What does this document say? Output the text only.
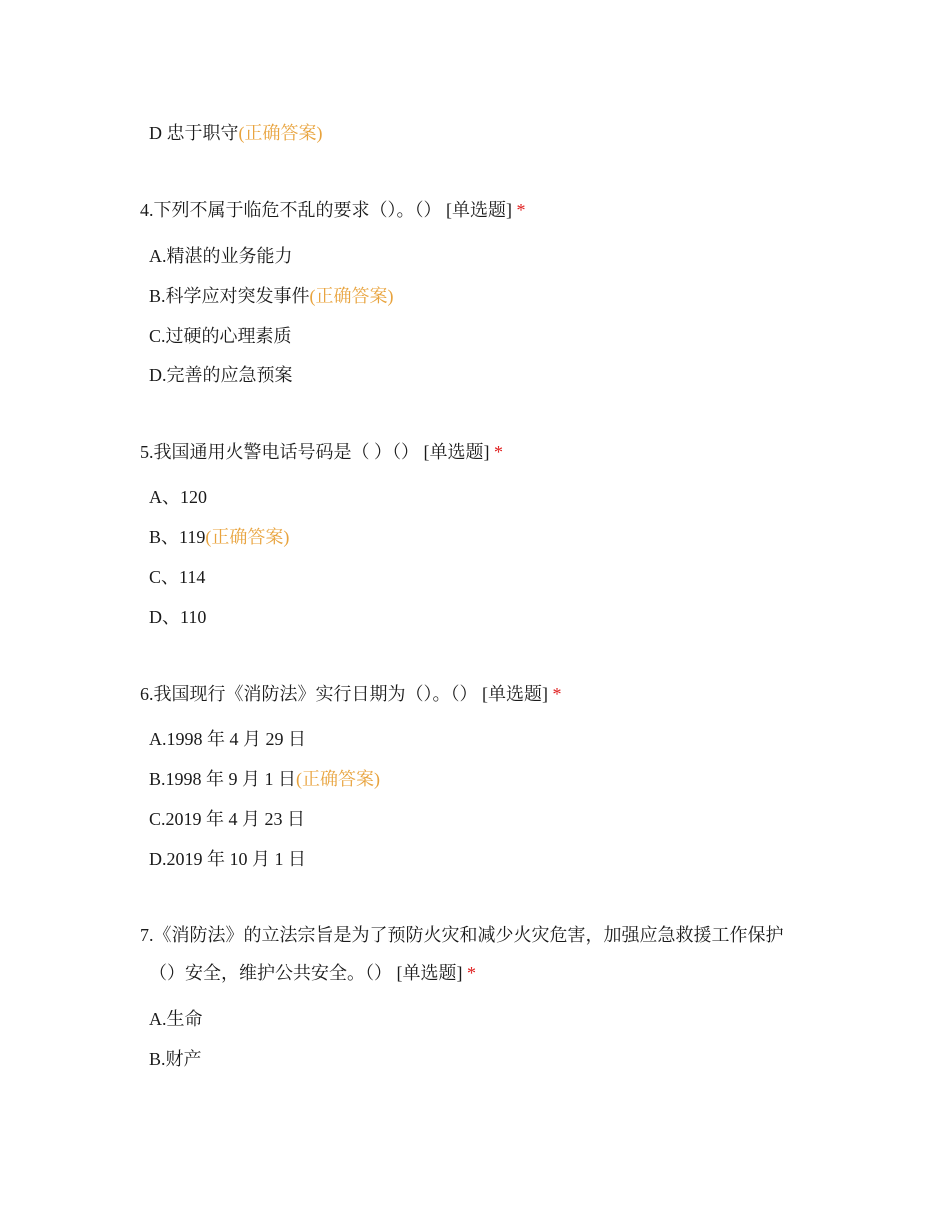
D 忠于职守(正确答案)
4.下列不属于临危不乱的要求（）。（） [单选题] *
A.精湛的业务能力
B.科学应对突发事件(正确答案)
C.过硬的心理素质
D.完善的应急预案
5.我国通用火警电话号码是（ ）（） [单选题] *
A、120
B、119(正确答案)
C、114
D、110
6.我国现行《消防法》实行日期为（）。（） [单选题] *
A.1998 年 4 月 29 日
B.1998 年 9 月 1 日(正确答案)
C.2019 年 4 月 23 日
D.2019 年 10 月 1 日
7.《消防法》的立法宗旨是为了预防火灾和减少火灾危害，加强应急救援工作保护
（）安全，维护公共安全。（） [单选题] *
A.生命
B.财产
